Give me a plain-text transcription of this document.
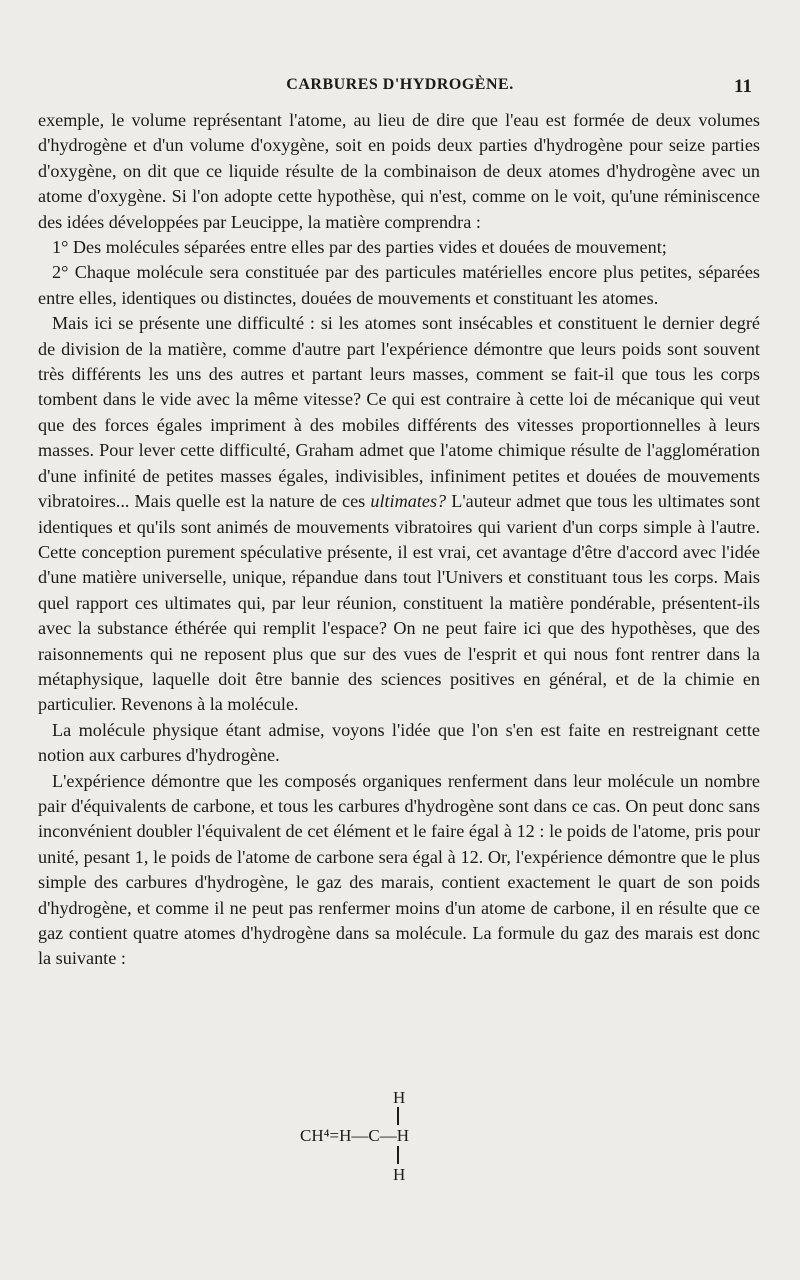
CARBURES D'HYDROGÈNE.	11

exemple, le volume représentant l'atome, au lieu de dire que l'eau est formée de deux volumes d'hydrogène et d'un volume d'oxygène, soit en poids deux parties d'hydrogène pour seize parties d'oxygène, on dit que ce liquide résulte de la combinaison de deux atomes d'hydrogène avec un atome d'oxygène. Si l'on adopte cette hypothèse, qui n'est, comme on le voit, qu'une réminiscence des idées développées par Leucippe, la matière comprendra :

1° Des molécules séparées entre elles par des parties vides et douées de mouvement;

2° Chaque molécule sera constituée par des particules matérielles encore plus petites, séparées entre elles, identiques ou distinctes, douées de mouvements et constituant les atomes.

Mais ici se présente une difficulté : si les atomes sont insécables et constituent le dernier degré de division de la matière, comme d'autre part l'expérience démontre que leurs poids sont souvent très différents les uns des autres et partant leurs masses, comment se fait-il que tous les corps tombent dans le vide avec la même vitesse? Ce qui est contraire à cette loi de mécanique qui veut que des forces égales impriment à des mobiles différents des vitesses proportionnelles à leurs masses. Pour lever cette difficulté, Graham admet que l'atome chimique résulte de l'agglomération d'une infinité de petites masses égales, indivisibles, infiniment petites et douées de mouvements vibratoires... Mais quelle est la nature de ces ultimates? L'auteur admet que tous les ultimates sont identiques et qu'ils sont animés de mouvements vibratoires qui varient d'un corps simple à l'autre. Cette conception purement spéculative présente, il est vrai, cet avantage d'être d'accord avec l'idée d'une matière universelle, unique, répandue dans tout l'Univers et constituant tous les corps. Mais quel rapport ces ultimates qui, par leur réunion, constituent la matière pondérable, présentent-ils avec la substance éthérée qui remplit l'espace? On ne peut faire ici que des hypothèses, que des raisonnements qui ne reposent plus que sur des vues de l'esprit et qui nous font rentrer dans la métaphysique, laquelle doit être bannie des sciences positives en général, et de la chimie en particulier. Revenons à la molécule.

La molécule physique étant admise, voyons l'idée que l'on s'en est faite en restreignant cette notion aux carbures d'hydrogène.

L'expérience démontre que les composés organiques renferment dans leur molécule un nombre pair d'équivalents de carbone, et tous les carbures d'hydrogène sont dans ce cas. On peut donc sans inconvénient doubler l'équivalent de cet élément et le faire égal à 12 : le poids de l'atome, pris pour unité, pesant 1, le poids de l'atome de carbone sera égal à 12. Or, l'expérience démontre que le plus simple des carbures d'hydrogène, le gaz des marais, contient exactement le quart de son poids d'hydrogène, et comme il ne peut pas renfermer moins d'un atome de carbone, il en résulte que ce gaz contient quatre atomes d'hydrogène dans sa molécule. La formule du gaz des marais est donc la suivante :

H
CH⁴=H—C—H
H
